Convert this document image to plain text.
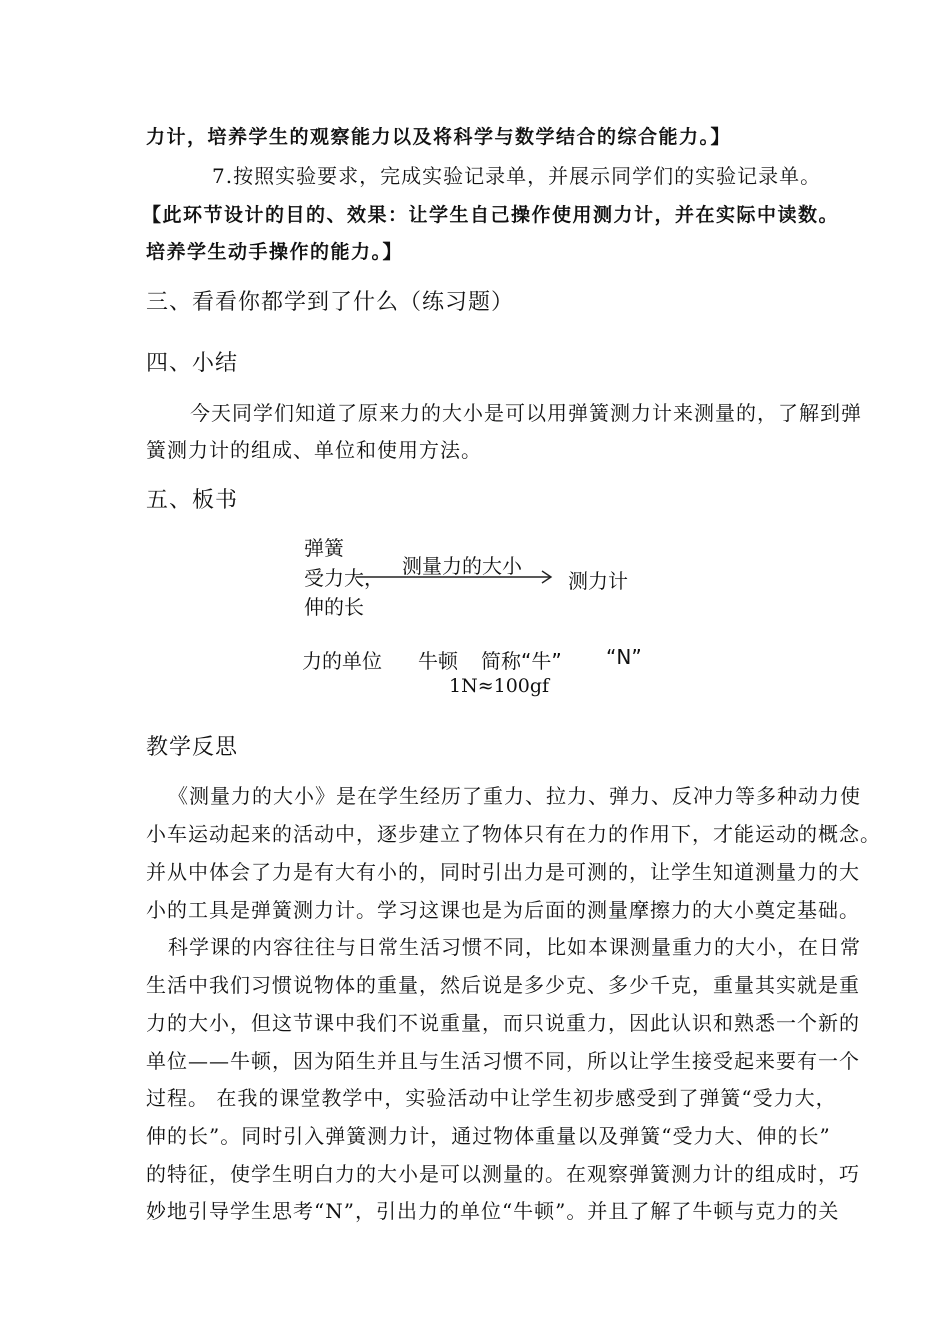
力计，培养学生的观察能力以及将科学与数学结合的综合能力。】
7.按照实验要求，完成实验记录单，并展示同学们的实验记录单。
【此环节设计的目的、效果：让学生自己操作使用测力计，并在实际中读数。
培养学生动手操作的能力。】
三、看看你都学到了什么（练习题）
四、小结
今天同学们知道了原来力的大小是可以用弹簧测力计来测量的，了解到弹
簧测力计的组成、单位和使用方法。
五、板书
弹簧
受力大，
伸的长
测量力的大小
测力计
力的单位 牛顿 简称“牛” “N”
1N≈100gf
教学反思
《测量力的大小》是在学生经历了重力、拉力、弹力、反冲力等多种动力使
小车运动起来的活动中，逐步建立了物体只有在力的作用下，才能运动的概念。
并从中体会了力是有大有小的，同时引出力是可测的，让学生知道测量力的大
小的工具是弹簧测力计。学习这课也是为后面的测量摩擦力的大小奠定基础。
科学课的内容往往与日常生活习惯不同，比如本课测量重力的大小，在日常
生活中我们习惯说物体的重量，然后说是多少克、多少千克，重量其实就是重
力的大小，但这节课中我们不说重量，而只说重力，因此认识和熟悉一个新的
单位——牛顿，因为陌生并且与生活习惯不同，所以让学生接受起来要有一个
过程。 在我的课堂教学中，实验活动中让学生初步感受到了弹簧“受力大，
伸的长”。同时引入弹簧测力计，通过物体重量以及弹簧“受力大、伸的长”
的特征，使学生明白力的大小是可以测量的。在观察弹簧测力计的组成时，巧
妙地引导学生思考“N”，引出力的单位“牛顿”。并且了解了牛顿与克力的关
